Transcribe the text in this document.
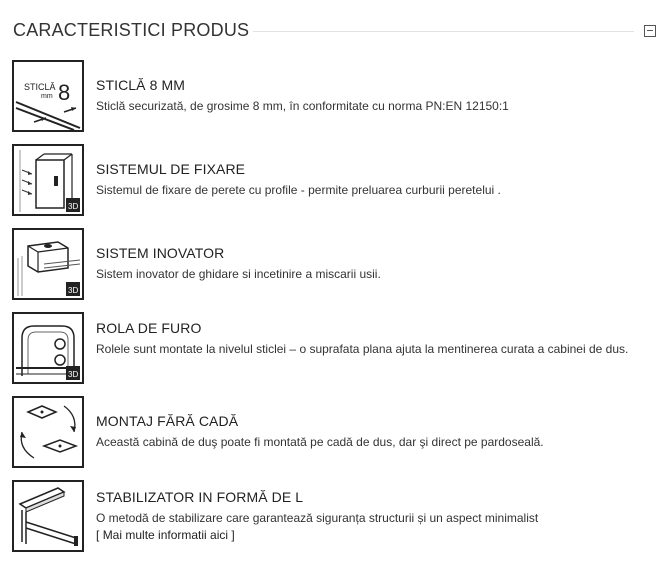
CARACTERISTICI PRODUS
STICLĂ
mm 8 STICLĂ 8 MM
Sticlă securizată, de grosime 8 mm, în conformitate cu norma PN:EN 12150:1
3D
SISTEMUL DE FIXARE
Sistemul de fixare de perete cu profile - permite preluarea curburii peretelui .
3D
SISTEM INOVATOR
Sistem inovator de ghidare si incetinire a miscarii usii.
3D
ROLA DE FURO
Rolele sunt montate la nivelul sticlei – o suprafata plana ajuta la mentinerea curata a cabinei de dus.
MONTAJ FĂRĂ CADĂ
Această cabină de duş poate fi montată pe cadă de dus, dar şi direct pe pardoseală.
STABILIZATOR IN FORMĂ DE L
O metodă de stabilizare care garantează siguranța structurii și un aspect minimalist
[ Mai multe informatii aici ]
